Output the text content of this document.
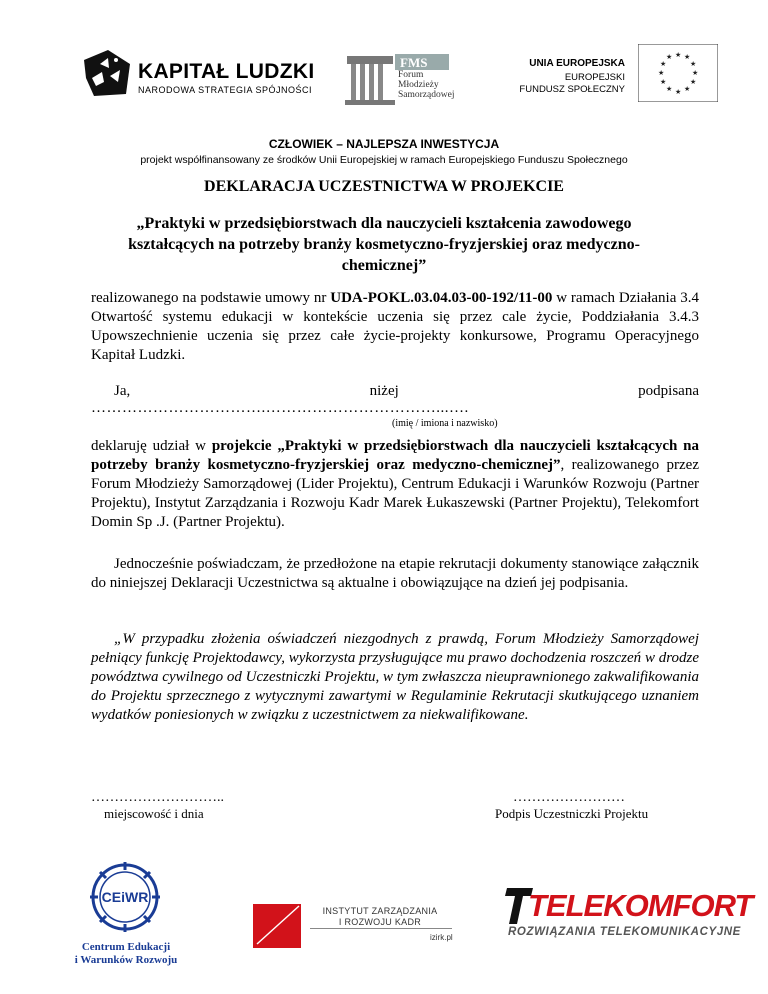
KAPITAŁ LUDZKI
NARODOWA STRATEGIA SPÓJNOŚCI
FMS
Forum
Młodzieży
Samorządowej
UNIA EUROPEJSKA
EUROPEJSKI
FUNDUSZ SPOŁECZNY
★ ★
★
★
★
★
★
★
★
★
★
★
CZŁOWIEK – NAJLEPSZA INWESTYCJA
projekt współfinansowany ze środków Unii Europejskiej w ramach Europejskiego Funduszu Społecznego
DEKLARACJA UCZESTNICTWA W PROJEKCIE
„Praktyki w przedsiębiorstwach dla nauczycieli kształcenia zawodowego kształcących na potrzeby branży kosmetyczno-fryzjerskiej oraz medyczno-chemicznej”
realizowanego na podstawie umowy nr UDA-POKL.03.04.03-00-192/11-00 w ramach Działania 3.4 Otwartość systemu edukacji w kontekście uczenia się przez cale życie, Poddziałania 3.4.3 Upowszechnienie uczenia się przez całe życie-projekty konkursowe, Programu Operacyjnego Kapitał Ludzki.
Ja,	niżej	podpisana
…………………………….……………………………...….
(imię / imiona i nazwisko)
deklaruję udział w projekcie „Praktyki w przedsiębiorstwach dla nauczycieli kształcących na potrzeby branży kosmetyczno-fryzjerskiej oraz medyczno-chemicznej”, realizowanego przez Forum Młodzieży Samorządowej (Lider Projektu), Centrum Edukacji i Warunków Rozwoju (Partner Projektu), Instytut Zarządzania i Rozwoju Kadr Marek Łukaszewski (Partner Projektu), Telekomfort Domin Sp .J. (Partner Projektu).
Jednocześnie poświadczam, że przedłożone na etapie rekrutacji dokumenty stanowiące załącznik do niniejszej Deklaracji Uczestnictwa są aktualne i obowiązujące na dzień jej podpisania.
„W przypadku złożenia oświadczeń niezgodnych z prawdą, Forum Młodzieży Samorządowej pełniący funkcję Projektodawcy, wykorzysta przysługujące mu prawo dochodzenia roszczeń w drodze powództwa cywilnego od Uczestniczki Projektu, w tym zwłaszcza nieuprawnionego zakwalifikowania do Projektu sprzecznego z wytycznymi zawartymi w Regulaminie Rekrutacji skutkującego uznaniem wydatków poniesionych w związku z uczestnictwem za niekwalifikowane.
………………………..
miejscowość i dnia
……………………
Podpis Uczestniczki Projektu
CEiWR
Centrum Edukacji
i Warunków Rozwoju
INSTYTUT ZARZĄDZANIA
I ROZWOJU KADR
izirk.pl
TELEKOMFORT
ROZWIĄZANIA TELEKOMUNIKACYJNE
